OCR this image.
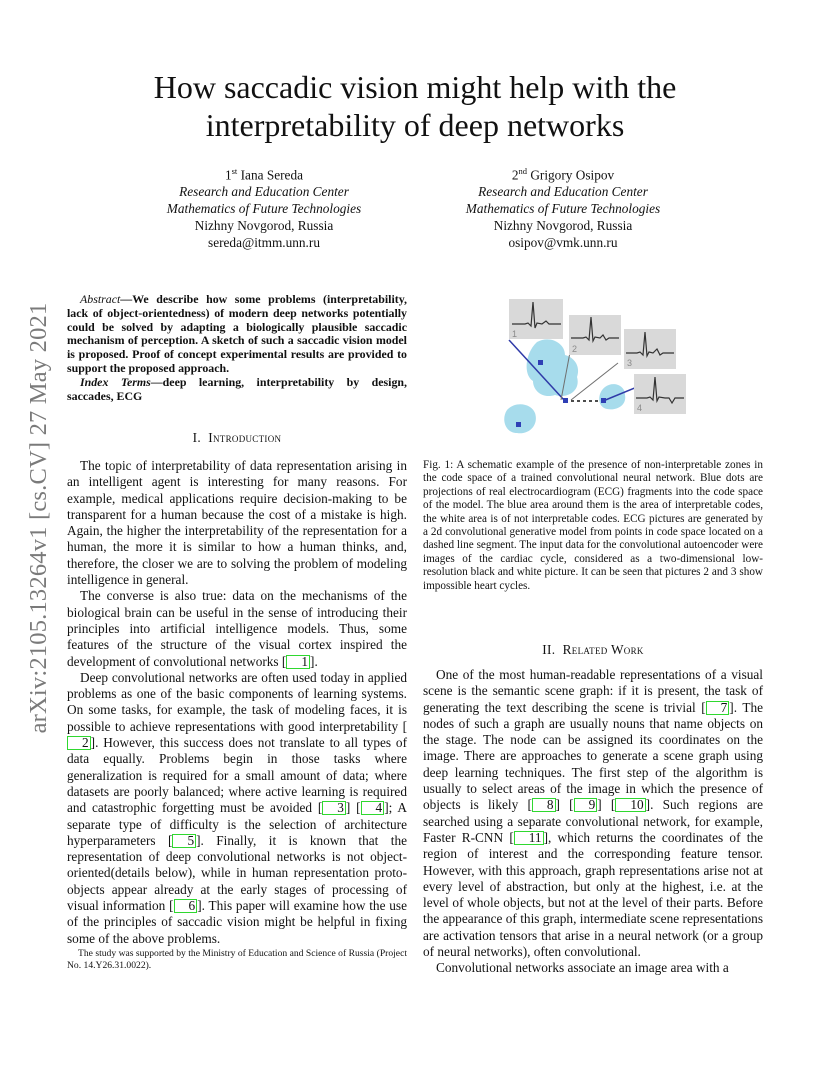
arXiv:2105.13264v1 [cs.CV] 27 May 2021
How saccadic vision might help with the
interpretability of deep networks
1st Iana Sereda
Research and Education Center
Mathematics of Future Technologies
Nizhny Novgorod, Russia
sereda@itmm.unn.ru
2nd Grigory Osipov
Research and Education Center
Mathematics of Future Technologies
Nizhny Novgorod, Russia
osipov@vmk.unn.ru

Abstract—We describe how some problems (interpretability, lack of object-orientedness) of modern deep networks potentially could be solved by adapting a biologically plausible saccadic mechanism of perception. A sketch of such a saccadic vision model is proposed. Proof of concept experimental results are provided to support the proposed approach.

Index Terms—deep learning, interpretability by design, saccades, ECG

I. Introduction

The topic of interpretability of data representation arising in an intelligent agent is interesting for many reasons. For example, medical applications require decision-making to be transparent for a human because the cost of a mistake is high. Again, the higher the interpretability of the representation for a human, the more it is similar to how a human thinks, and, therefore, the closer we are to solving the problem of modeling intelligence in general.

The converse is also true: data on the mechanisms of the biological brain can be useful in the sense of introducing their principles into artificial intelligence models. Thus, some features of the structure of the visual cortex inspired the development of convolutional networks [ 1 ].

Deep convolutional networks are often used today in applied problems as one of the basic components of learning systems. On some tasks, for example, the task of modeling faces, it is possible to achieve representations with good interpretability [2 ]. However, this success does not translate to all types of data equally. Problems begin in those tasks where generalization is required for a small amount of data; where datasets are poorly balanced; where active learning is required and catastrophic forgetting must be avoided [ 3 ] [ 4 ]; A separate type of difficulty is the selection of architecture hyperparameters [ 5 ]. Finally, it is known that the representation of deep convolutional networks is not object-oriented(details below), while in human representation proto-objects appear already at the early stages of processing of visual information [ 6 ]. This paper will examine how the use of the principles of saccadic vision might be helpful in fixing some of the above problems.

The study was supported by the Ministry of Education and Science of Russia (Project No. 14.Y26.31.0022).

1
2
3
4
Fig. 1: A schematic example of the presence of non-interpretable zones in the code space of a trained convolutional neural network. Blue dots are projections of real electrocardiogram (ECG) fragments into the code space of the model. The blue area around them is the area of interpretable codes, the white area is of not interpretable codes. ECG pictures are generated by a 2d convolutional generative model from points in code space located on a dashed line segment. The input data for the convolutional autoencoder were images of the cardiac cycle, considered as a two-dimensional low-resolution black and white picture. It can be seen that pictures 2 and 3 show impossible heart cycles.
II. Related Work

One of the most human-readable representations of a visual scene is the semantic scene graph: if it is present, the task of generating the text describing the scene is trivial [ 7 ]. The nodes of such a graph are usually nouns that name objects on the stage. The node can be assigned its coordinates on the image. There are approaches to generate a scene graph using deep learning techniques. The first step of the algorithm is usually to select areas of the image in which the presence of objects is likely [ 8 ] [ 9 ] [ 10 ]. Such regions are searched using a separate convolutional network, for example, Faster R-CNN [ 11 ], which returns the coordinates of the region of interest and the corresponding feature tensor. However, with this approach, graph representations arise not at every level of abstraction, but only at the highest, i.e. at the level of whole objects, but not at the level of their parts. Before the appearance of this graph, intermediate scene representations are activation tensors that arise in a neural network (or a group of neural networks), often convolutional.

Convolutional networks associate an image area with a
